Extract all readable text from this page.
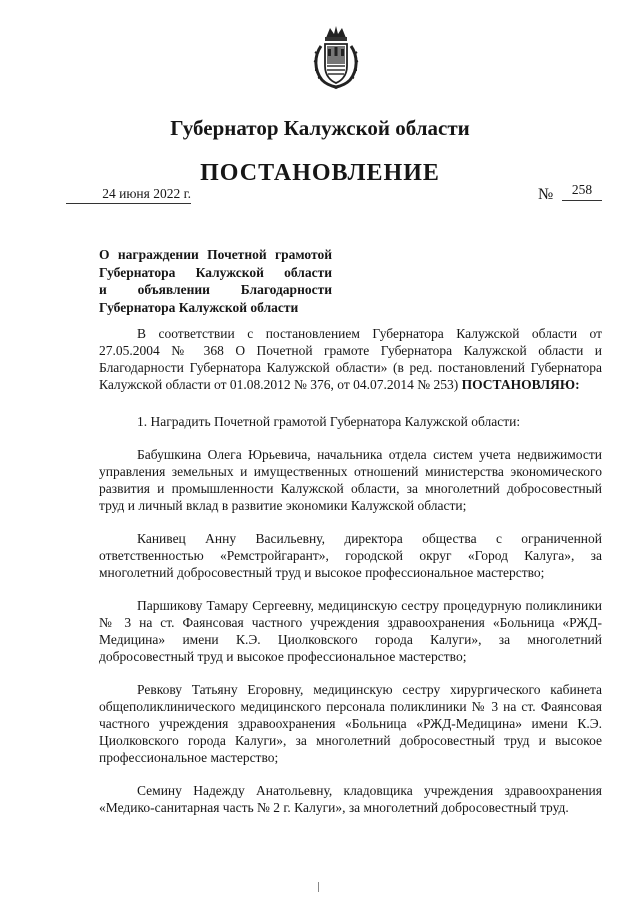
Губернатор Калужской области
ПОСТАНОВЛЕНИЕ
24 июня 2022 г.	№	258
О награждении Почетной грамотой
Губернатора Калужской области
и объявлении Благодарности
Губернатора Калужской области

В соответствии с постановлением Губернатора Калужской области от 27.05.2004 № 368 О Почетной грамоте Губернатора Калужской области и Благодарности Губернатора Калужской области» (в ред. постановлений Губернатора Калужской области от 01.08.2012 № 376, от 04.07.2014 № 253) ПОСТАНОВЛЯЮ:

1. Наградить Почетной грамотой Губернатора Калужской области:

Бабушкина Олега Юрьевича, начальника отдела систем учета недвижимости управления земельных и имущественных отношений министерства экономического развития и промышленности Калужской области, за многолетний добросовестный труд и личный вклад в развитие экономики Калужской области;

Канивец Анну Васильевну, директора общества с ограниченной ответственностью «Ремстройгарант», городской округ «Город Калуга», за многолетний добросовестный труд и высокое профессиональное мастерство;

Паршикову Тамару Сергеевну, медицинскую сестру процедурную поликлиники № 3 на ст. Фаянсовая частного учреждения здравоохранения «Больница «РЖД-Медицина» имени К.Э. Циолковского города Калуги», за многолетний добросовестный труд и высокое профессиональное мастерство;

Ревкову Татьяну Егоровну, медицинскую сестру хирургического кабинета общеполиклинического медицинского персонала поликлиники № 3 на ст. Фаянсовая частного учреждения здравоохранения «Больница «РЖД-Медицина» имени К.Э. Циолковского города Калуги», за многолетний добросовестный труд и высокое профессиональное мастерство;

Семину Надежду Анатольевну, кладовщика учреждения здравоохранения «Медико-санитарная часть № 2 г. Калуги», за многолетний добросовестный труд.
